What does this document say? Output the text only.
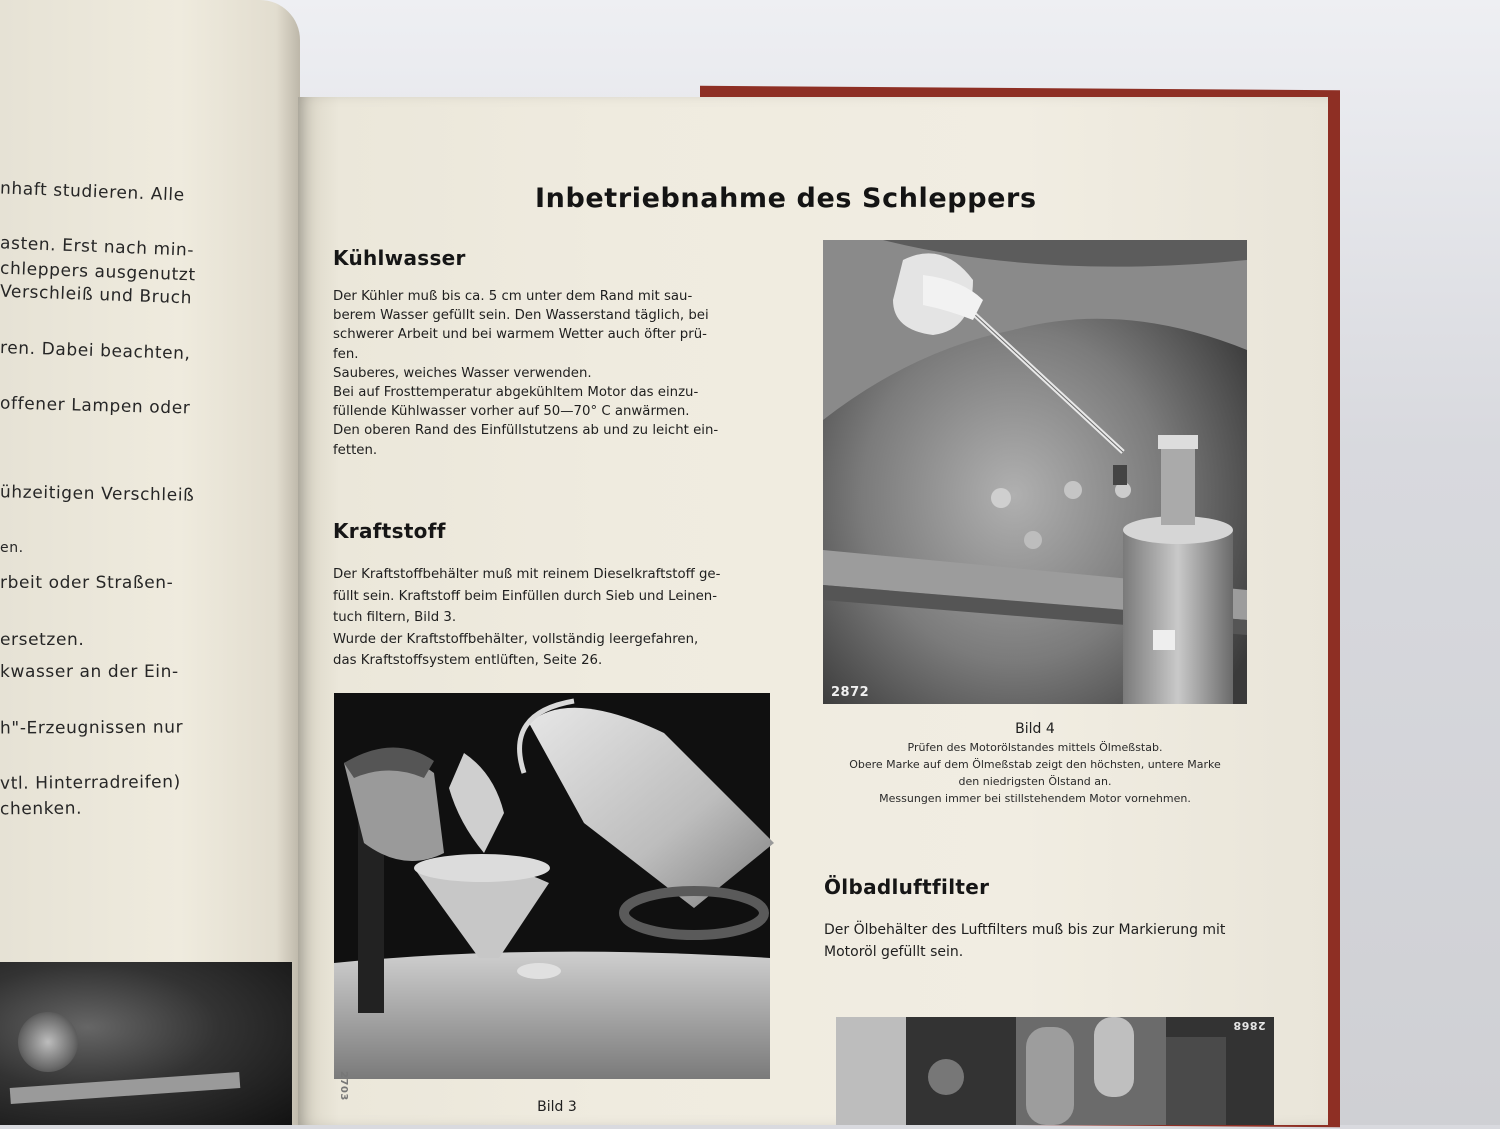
nhaft studieren. Alle
asten. Erst nach min-
chleppers ausgenutzt
Verschleiß und Bruch
ren. Dabei beachten,
offener Lampen oder
ühzeitigen Verschleiß
en.
rbeit oder Straßen-
ersetzen.
kwasser an der Ein-
h"-Erzeugnissen nur
vtl. Hinterradreifen)
chenken.
Inbetriebnahme des Schleppers
Kühlwasser
Der Kühler muß bis ca. 5 cm unter dem Rand mit sau-
berem Wasser gefüllt sein. Den Wasserstand täglich, bei
schwerer Arbeit und bei warmem Wetter auch öfter prü-
fen.
Sauberes, weiches Wasser verwenden.
Bei auf Frosttemperatur abgekühltem Motor das einzu-
füllende Kühlwasser vorher auf 50—70° C anwärmen.
Den oberen Rand des Einfüllstutzens ab und zu leicht ein-
fetten.
Kraftstoff
Der Kraftstoffbehälter muß mit reinem Dieselkraftstoff ge-
füllt sein. Kraftstoff beim Einfüllen durch Sieb und Leinen-
tuch filtern, Bild 3.
Wurde der Kraftstoffbehälter, vollständig leergefahren,
das Kraftstoffsystem entlüften, Seite 26.
2872
Bild 4
Prüfen des Motorölstandes mittels Ölmeßstab.
Obere Marke auf dem Ölmeßstab zeigt den höchsten, untere Marke
den niedrigsten Ölstand an.
Messungen immer bei stillstehendem Motor vornehmen.
Ölbadluftfilter
Der Ölbehälter des Luftfilters muß bis zur Markierung mit
Motoröl gefüllt sein.
2703
Bild 3
2868
